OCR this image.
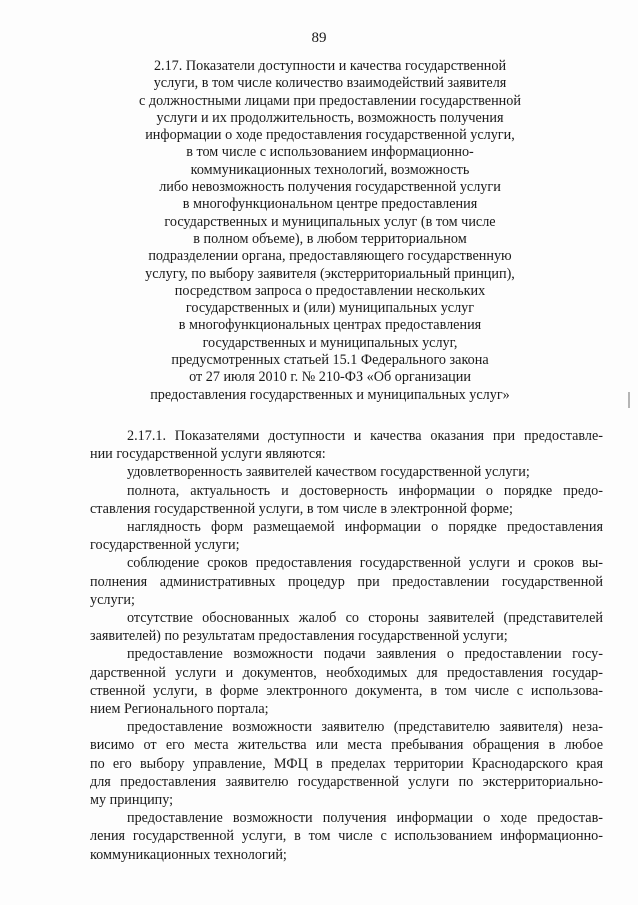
89
2.17. Показатели доступности и качества государственной
услуги, в том числе количество взаимодействий заявителя
с должностными лицами при предоставлении государственной
услуги и их продолжительность, возможность получения
информации о ходе предоставления государственной услуги,
в том числе с использованием информационно-
коммуникационных технологий, возможность
либо невозможность получения государственной услуги
в многофункциональном центре предоставления
государственных и муниципальных услуг (в том числе
в полном объеме), в любом территориальном
подразделении органа, предоставляющего государственную
услугу, по выбору заявителя (экстерриториальный принцип),
посредством запроса о предоставлении нескольких
государственных и (или) муниципальных услуг
в многофункциональных центрах предоставления
государственных и муниципальных услуг,
предусмотренных статьей 15.1 Федерального закона
от 27 июля 2010 г. № 210-ФЗ «Об организации
предоставления государственных и муниципальных услуг»
2.17.1. Показателями доступности и качества оказания при предоставле-
нии государственной услуги являются:
удовлетворенность заявителей качеством государственной услуги;
полнота, актуальность и достоверность информации о порядке предо-
ставления государственной услуги, в том числе в электронной форме;
наглядность форм размещаемой информации о порядке предоставления
государственной услуги;
соблюдение сроков предоставления государственной услуги и сроков вы-
полнения административных процедур при предоставлении государственной
услуги;
отсутствие обоснованных жалоб со стороны заявителей (представителей
заявителей) по результатам предоставления государственной услуги;
предоставление возможности подачи заявления о предоставлении госу-
дарственной услуги и документов, необходимых для предоставления государ-
ственной услуги, в форме электронного документа, в том числе с использова-
нием Регионального портала;
предоставление возможности заявителю (представителю заявителя) неза-
висимо от его места жительства или места пребывания обращения в любое
по его выбору управление, МФЦ в пределах территории Краснодарского края
для предоставления заявителю государственной услуги по экстерриториально-
му принципу;
предоставление возможности получения информации о ходе предостав-
ления государственной услуги, в том числе с использованием информационно-
коммуникационных технологий;
